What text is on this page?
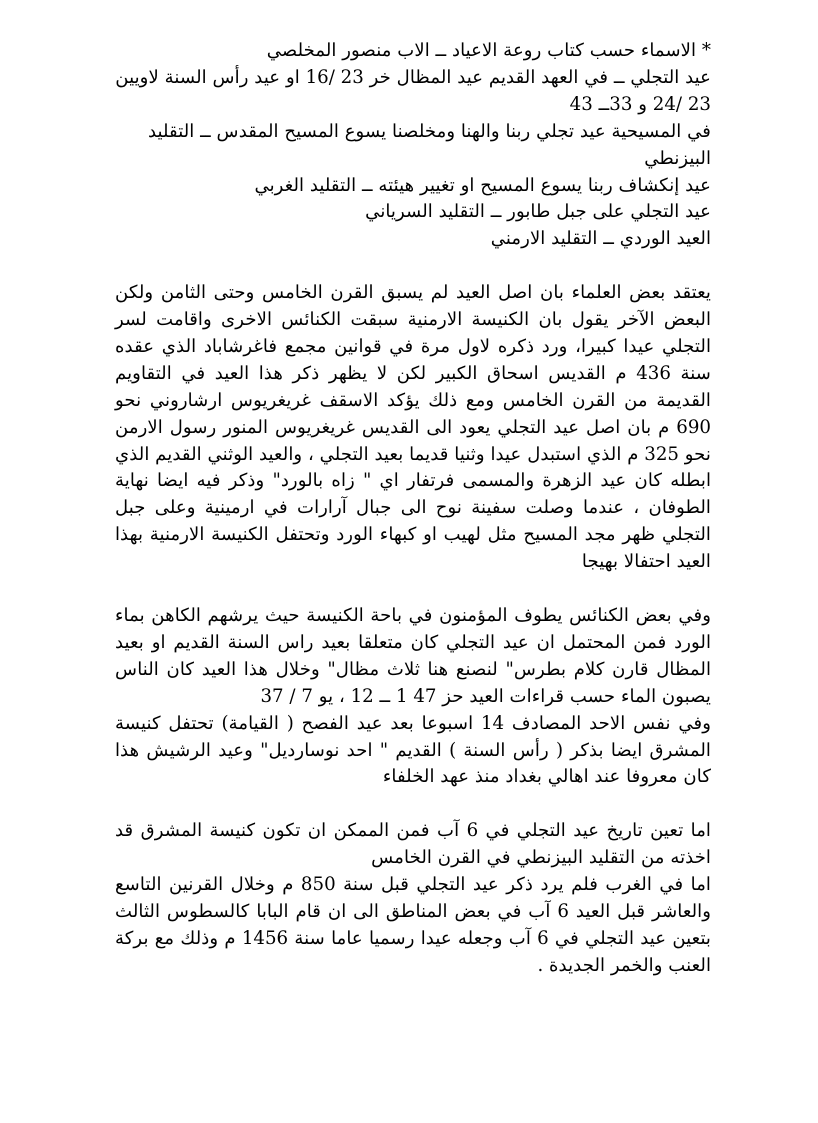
* الاسماء حسب كتاب روعة الاعياد ــ الاب منصور المخلصي
عيد التجلي ــ في العهد القديم عيد المظال خر 23 /16 او عيد رأس السنة لاويين 23 /24 و 33ــ 43
في المسيحية عيد تجلي ربنا والهنا ومخلصنا يسوع المسيح المقدس ــ التقليد البيزنطي
عيد إنكشاف ربنا يسوع المسيح او تغيير هيئته ــ التقليد الغربي
عيد التجلي على جبل طابور ــ التقليد السرياني
العيد الوردي ــ التقليد الارمني

يعتقد بعض العلماء بان اصل العيد لم يسبق القرن الخامس وحتى الثامن ولكن البعض الآخر يقول بان الكنيسة الارمنية سبقت الكنائس الاخرى واقامت لسر التجلي عيدا كبيرا، ورد ذكره لاول مرة في قوانين مجمع فاغرشاباد الذي عقده سنة 436 م القديس اسحاق الكبير لكن لا يظهر ذكر هذا العيد في التقاويم القديمة من القرن الخامس ومع ذلك يؤكد الاسقف غريغريوس ارشاروني نحو 690 م بان اصل عيد التجلي يعود الى القديس غريغريوس المنور رسول الارمن نحو 325 م الذي استبدل عيدا وثنيا قديما بعيد التجلي ، والعيد الوثني القديم الذي ابطله كان عيد الزهرة والمسمى فرتفار اي " زاه بالورد" وذكر فيه ايضا نهاية الطوفان ، عندما وصلت سفينة نوح الى جبال آرارات في ارمينية وعلى جبل التجلي ظهر مجد المسيح مثل لهيب او كبهاء الورد وتحتفل الكنيسة الارمنية بهذا العيد احتفالا بهيجا

وفي بعض الكنائس يطوف المؤمنون في باحة الكنيسة حيث يرشهم الكاهن بماء الورد فمن المحتمل ان عيد التجلي كان متعلقا بعيد راس السنة القديم او بعيد المظال قارن كلام بطرس" لنصنع هنا ثلاث مظال" وخلال هذا العيد كان الناس يصبون الماء حسب قراءات العيد حز 47 1 ــ 12 ، يو 7 / 37

وفي نفس الاحد المصادف 14 اسبوعا بعد عيد الفصح ( القيامة) تحتفل كنيسة المشرق ايضا بذكر ( رأس السنة ) القديم " احد نوسارديل" وعيد الرشيش هذا كان معروفا عند اهالي بغداد منذ عهد الخلفاء

اما تعين تاريخ عيد التجلي في 6 آب فمن الممكن ان تكون كنيسة المشرق قد اخذته من التقليد البيزنطي في القرن الخامس

اما في الغرب فلم يرد ذكر عيد التجلي قبل سنة 850 م وخلال القرنين التاسع والعاشر قبل العيد 6 آب في بعض المناطق الى ان قام البابا كالسطوس الثالث بتعين عيد التجلي في 6 آب وجعله عيدا رسميا عاما سنة 1456 م وذلك مع بركة العنب والخمر الجديدة .
